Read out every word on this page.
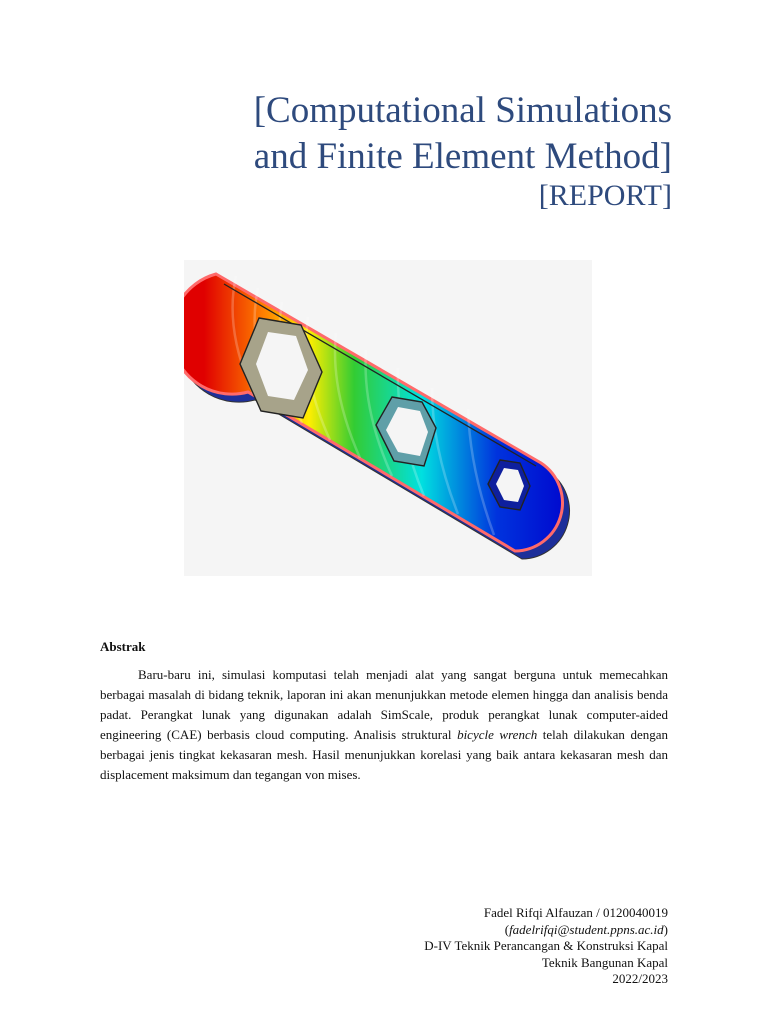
[Computational Simulations
and Finite Element Method]
[REPORT]
Abstrak

Baru-baru ini, simulasi komputasi telah menjadi alat yang sangat berguna untuk memecahkan berbagai masalah di bidang teknik, laporan ini akan menunjukkan metode elemen hingga dan analisis benda padat. Perangkat lunak yang digunakan adalah SimScale, produk perangkat lunak computer-aided engineering (CAE) berbasis cloud computing. Analisis struktural bicycle wrench telah dilakukan dengan berbagai jenis tingkat kekasaran mesh. Hasil menunjukkan korelasi yang baik antara kekasaran mesh dan displacement maksimum dan tegangan von mises.

Fadel Rifqi Alfauzan / 0120040019
(fadelrifqi@student.ppns.ac.id)
D-IV Teknik Perancangan & Konstruksi Kapal
Teknik Bangunan Kapal
2022/2023
